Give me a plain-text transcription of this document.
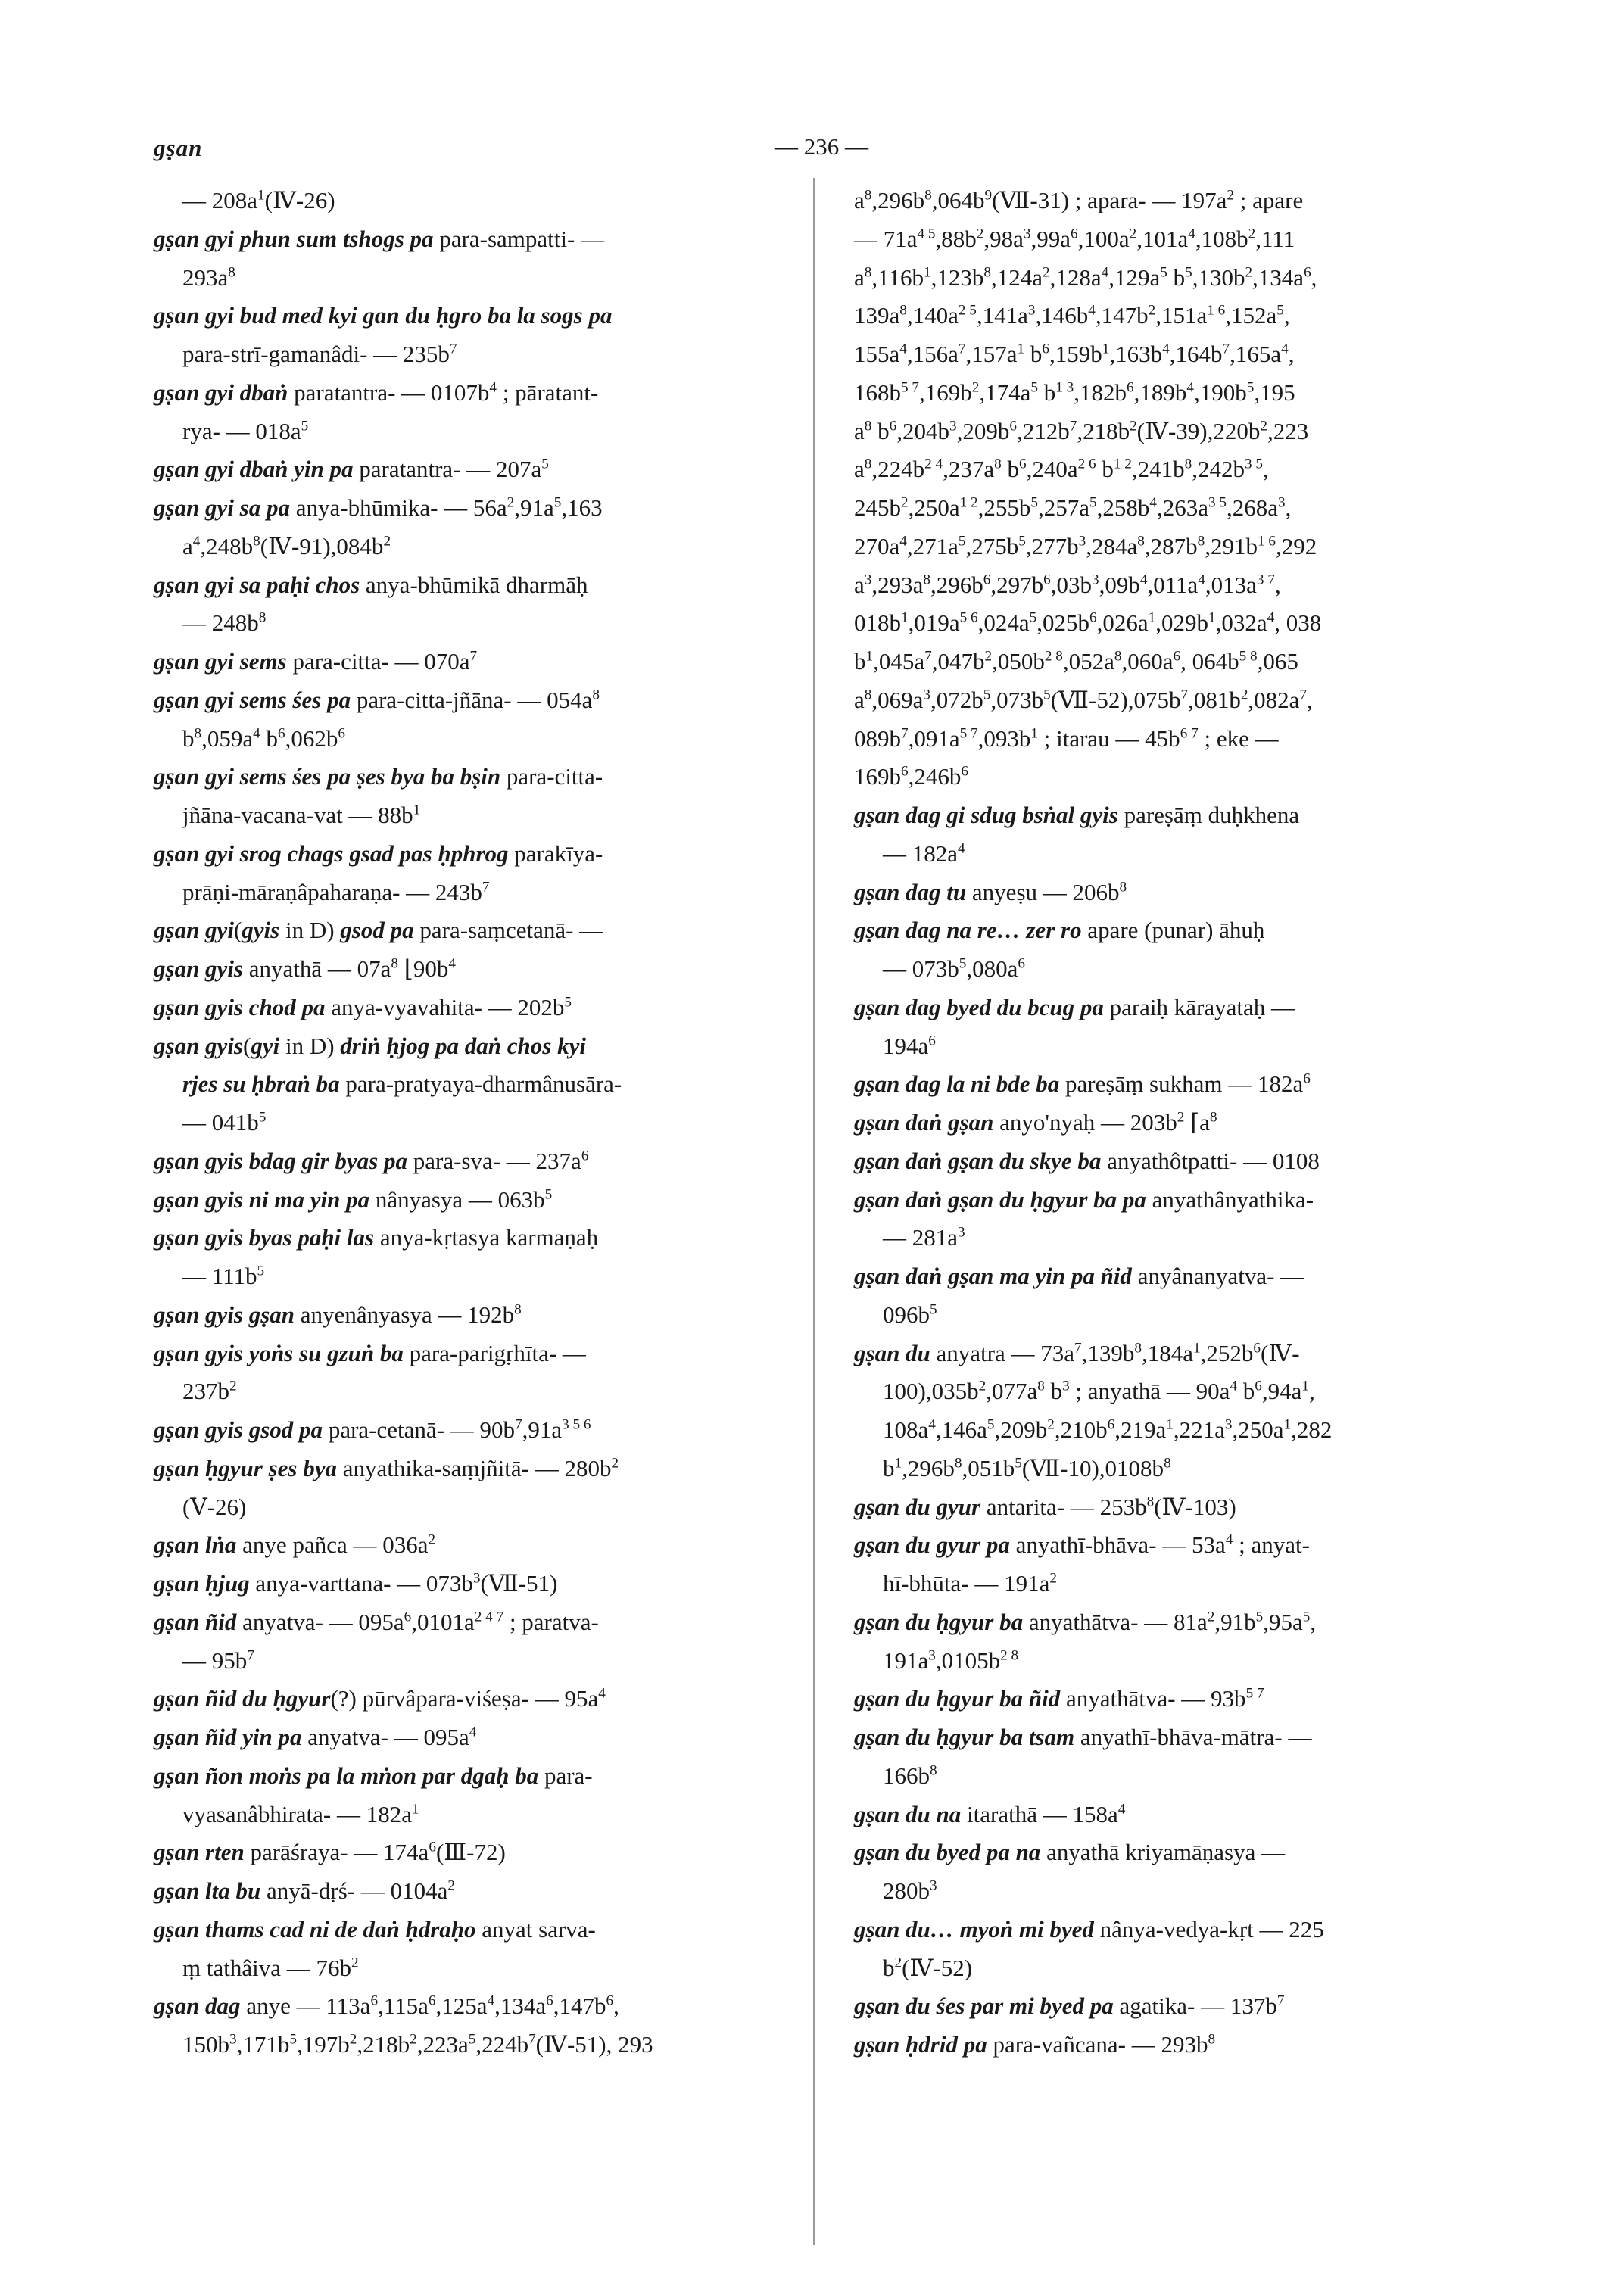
gṣan	— 236 —
— $208a^1(Ⅳ-26)$
gṣan gyi phun sum tshogs pa para-sampatti- —
$293a^8$
gṣan gyi bud med kyi gan du ḥgro ba la sogs pa
para-strī-gamanâdi- — $235b^7$
gṣan gyi dbaṅ paratantra- — $0107b^4$ ; pāratant-
rya- — $018a^5$
gṣan gyi dbaṅ yin pa paratantra- — $207a^5$
gṣan gyi sa pa anya-bhūmika- — $56a^2,91a^5,163$
$a^4,248b^8(Ⅳ-91),084b^2$
gṣan gyi sa paḥi chos anya-bhūmikā dharmāḥ
— $248b^8$
gṣan gyi sems para-citta- — $070a^7$
gṣan gyi sems śes pa para-citta-jñāna- — $054a^8$
$b^8,059a^4$ $b^6,062b^6$
gṣan gyi sems śes pa ṣes bya ba bṣin para-citta-
jñāna-vacana-vat — $88b^1$
gṣan gyi srog chags gsad pas ḥphrog parakīya-
prāṇi-māraṇâpaharaṇa- — $243b^7$
gṣan gyi(gyis in D) gsod pa para-saṃcetanā- —
gṣan gyis anyathā — $07a^8$ $⌊90b^4$
gṣan gyis chod pa anya-vyavahita- — $202b^5$
gṣan gyis(gyi in D) driṅ ḥjog pa daṅ chos kyi
rjes su ḥbraṅ ba para-pratyaya-dharmânusāra-
— $041b^5$
gṣan gyis bdag gir byas pa para-sva- — $237a^6$
gṣan gyis ni ma yin pa nânyasya — $063b^5$
gṣan gyis byas paḥi las anya-kṛtasya karmaṇaḥ
— $111b^5$
gṣan gyis gṣan anyenânyasya — $192b^8$
gṣan gyis yoṅs su gzuṅ ba para-parigṛhīta- —
$237b^2$
gṣan gyis gsod pa para-cetanā- — $90b^7,91a^{3 5 6}$
gṣan ḥgyur ṣes bya anyathika-saṃjñitā- — $280b^2$
(Ⅴ-26)
gṣan lṅa anye pañca — $036a^2$
gṣan ḥjug anya-varttana- — $073b^3(Ⅶ-51)$
gṣan ñid anyatva- — $095a^6,0101a^{2 4 7}$ ; paratva-
— $95b^7$
gṣan ñid du ḥgyur(?) pūrvâpara-viśeṣa- — $95a^4$
gṣan ñid yin pa anyatva- — $095a^4$
gṣan ñon moṅs pa la mṅon par dgaḥ ba para-
vyasanâbhirata- — $182a^1$
gṣan rten parāśraya- — $174a^6(Ⅲ-72)$
gṣan lta bu anyā-dṛś- — $0104a^2$
gṣan thams cad ni de daṅ ḥdraḥo anyat sarva-
ṃ tathâiva — $76b^2$
gṣan dag anye — $113a^6,115a^6,125a^4,134a^6,147b^6$,
$150b^3,171b^5,197b^2,218b^2,223a^5,224b^7(Ⅳ-51)$, 293
$a^8,296b^8,064b^9(Ⅶ-31)$ ; apara- — $197a^2$ ; apare
— $71a^{4 5},88b^2,98a^3,99a^6,100a^2,101a^4,108b^2,111$
$a^8,116b^1,123b^8,124a^2,128a^4,129a^5$ $b^5,130b^2,134a^6$,
$139a^8,140a^{2 5},141a^3,146b^4,147b^2,151a^{1 6},152a^5$,
$155a^4,156a^7,157a^1$ $b^6,159b^1,163b^4,164b^7,165a^4$,
$168b^{5 7},169b^2,174a^5$ $b^{1 3},182b^6,189b^4,190b^5,195$
$a^8$ $b^6,204b^3,209b^6,212b^7,218b^2(Ⅳ-39),220b^2,223$
$a^8,224b^{2 4},237a^8$ $b^6,240a^{2 6}$ $b^{1 2},241b^8,242b^{3 5}$,
$245b^2,250a^{1 2},255b^5,257a^5,258b^4,263a^{3 5},268a^3$,
$270a^4,271a^5,275b^5,277b^3,284a^8,287b^8,291b^{1 6},292$
$a^3,293a^8,296b^6,297b^6,03b^3,09b^4,011a^4,013a^{3 7}$,
$018b^1,019a^{5 6},024a^5,025b^6,026a^1,029b^1,032a^4$, 038
$b^1,045a^7,047b^2,050b^{2 8},052a^8,060a^6$, $064b^{5 8},065$
$a^8,069a^3,072b^5,073b^5(Ⅶ-52),075b^7,081b^2,082a^7$,
$089b^7,091a^{5 7},093b^1$ ; itarau — $45b^{6 7}$ ; eke —
$169b^6,246b^6$
gṣan dag gi sdug bsṅal gyis pareṣāṃ duḥkhena
— $182a^4$
gṣan dag tu anyeṣu — $206b^8$
gṣan dag na re… zer ro apare (punar) āhuḥ
— $073b^5,080a^6$
gṣan dag byed du bcug pa paraiḥ kārayataḥ —
$194a^6$
gṣan dag la ni bde ba pareṣāṃ sukham — $182a^6$
gṣan daṅ gṣan anyo'nyaḥ — $203b^2$ $⌈a^8$
gṣan daṅ gṣan du skye ba anyathôtpatti- — 0108
gṣan daṅ gṣan du ḥgyur ba pa anyathânyathika-
— $281a^3$
gṣan daṅ gṣan ma yin pa ñid anyânanyatva- —
$096b^5$
gṣan du anyatra — $73a^7,139b^8,184a^1,252b^6(Ⅳ-$
$100),035b^2,077a^8$ $b^3$ ; anyathā — $90a^4$ $b^6,94a^1$,
$108a^4,146a^5,209b^2,210b^6,219a^1,221a^3,250a^1,282$
$b^1,296b^8,051b^5(Ⅶ-10),0108b^8$
gṣan du gyur antarita- — $253b^8(Ⅳ-103)$
gṣan du gyur pa anyathī-bhāva- — $53a^4$ ; anyat-
hī-bhūta- — $191a^2$
gṣan du ḥgyur ba anyathātva- — $81a^2,91b^5,95a^5$,
$191a^3,0105b^{2 8}$
gṣan du ḥgyur ba ñid anyathātva- — $93b^{5 7}$
gṣan du ḥgyur ba tsam anyathī-bhāva-mātra- —
$166b^8$
gṣan du na itarathā — $158a^4$
gṣan du byed pa na anyathā kriyamāṇasya —
$280b^3$
gṣan du… myoṅ mi byed nânya-vedya-kṛt — 225
$b^2(Ⅳ-52)$
gṣan du śes par mi byed pa agatika- — $137b^7$
gṣan ḥdrid pa para-vañcana- — $293b^8$
